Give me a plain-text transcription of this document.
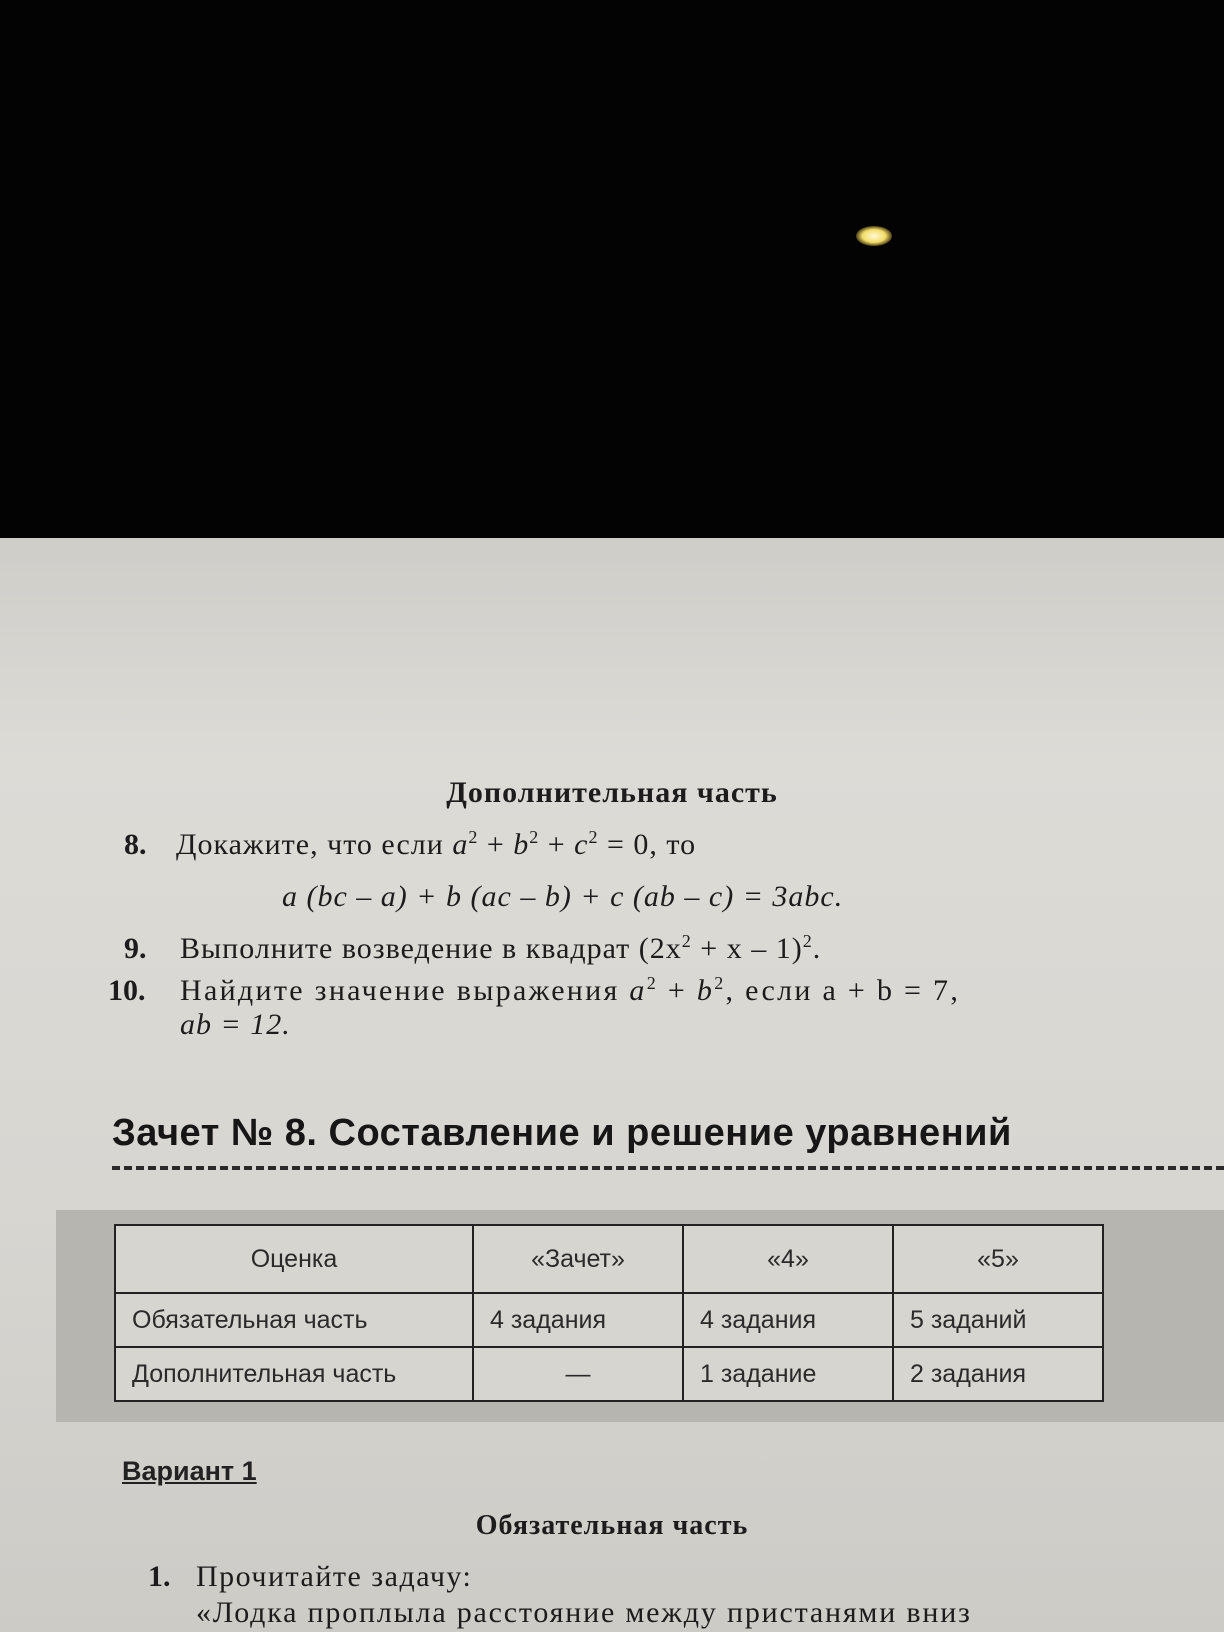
Дополнительная часть
8. Докажите, что если $a^2 + b^2 + c^2 = 0$, то
a (bc – a) + b (ac – b) + c (ab – c) = 3abc.
9. Выполните возведение в квадрат $(2x^2 + x - 1)^2$.
10. Найдите значение выражения $a^2 + b^2$, если a + b = 7,
ab = 12.
Зачет № 8. Составление и решение уравнений
Оценка	«Зачет»	«4»	«5»
Обязательная часть	4 задания	4 задания	5 заданий
Дополнительная часть	—	1 задание	2 задания
Вариант 1
Обязательная часть
1. Прочитайте задачу:
«Лодка проплыла расстояние между пристанями вниз
